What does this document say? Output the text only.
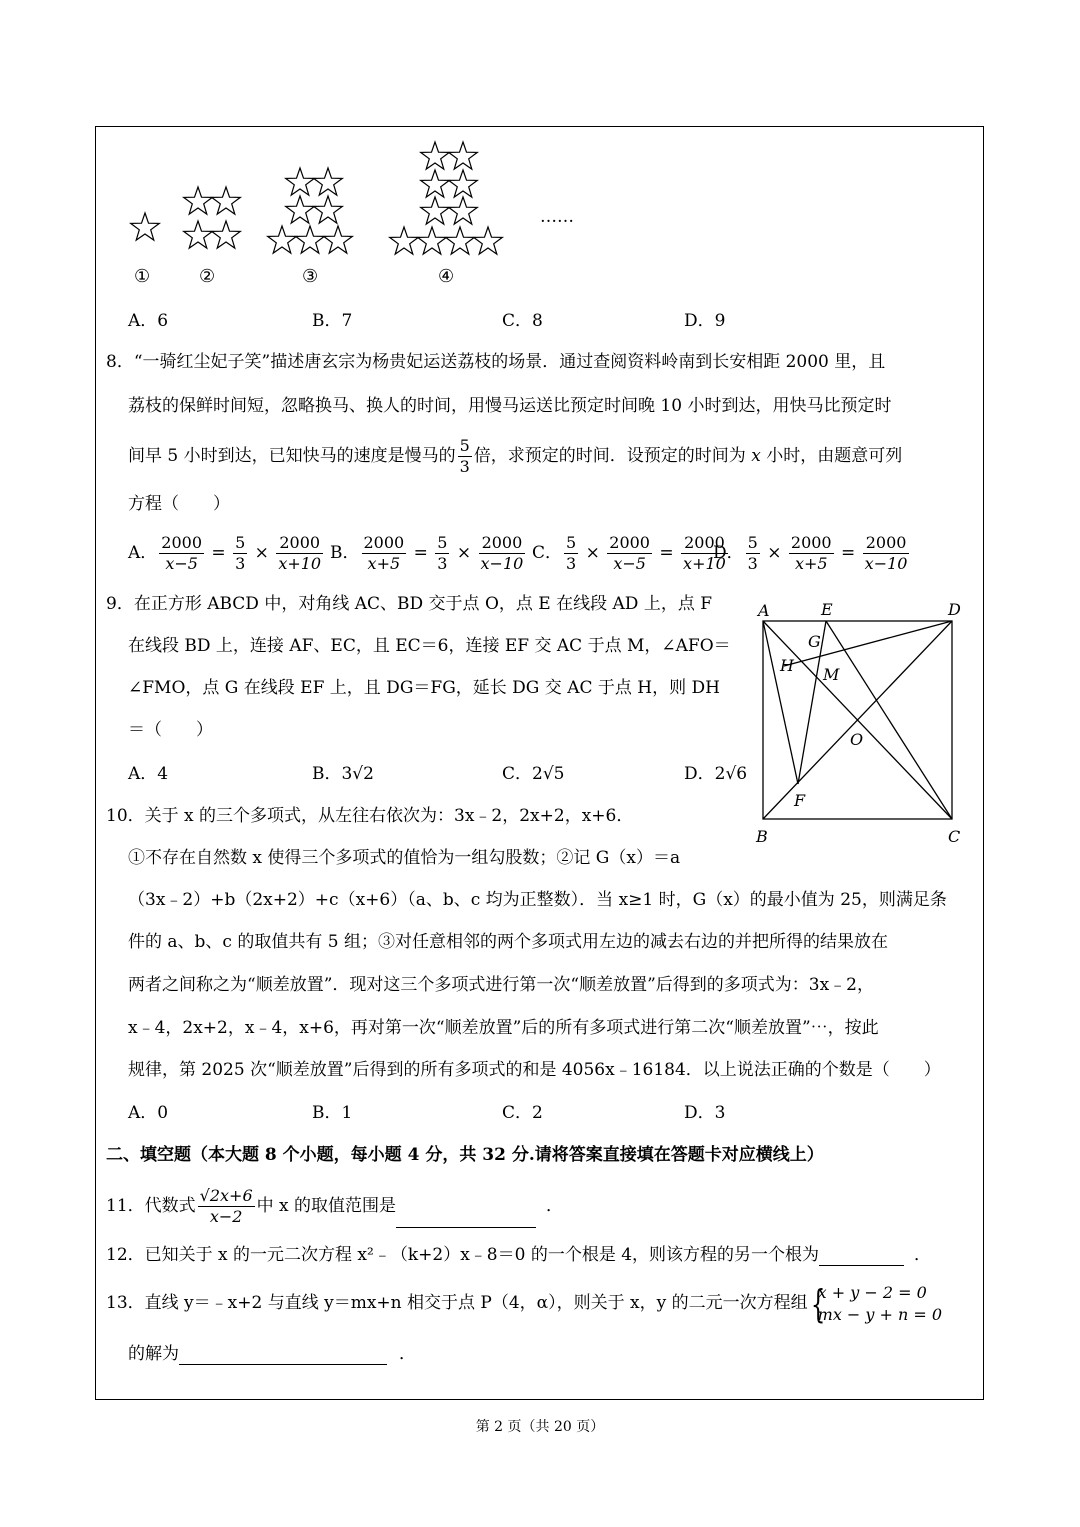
……
①	②	③	④
A．6	B．7	C．8	D．9
8．“一骑红尘妃子笑”描述唐玄宗为杨贵妃运送荔枝的场景．通过查阅资料岭南到长安相距 2000 里，且
荔枝的保鲜时间短，忽略换马、换人的时间，用慢马运送比预定时间晚 10 小时到达，用快马比预定时
间早 5 小时到达，已知快马的速度是慢马的 $\frac{5}{3}$ 倍，求预定的时间．设预定的时间为 x 小时，由题意可列
方程（　　）
A． $\frac{2000}{x-5} = \frac{5}{3} \times \frac{2000}{x+10}$ B． $\frac{2000}{x+5} = \frac{5}{3} \times \frac{2000}{x-10}$ C． $\frac{5}{3} \times \frac{2000}{x-5} = \frac{2000}{x+10}$
D． $\frac{5}{3} \times \frac{2000}{x+5} = \frac{2000}{x-10}$
9．在正方形 ABCD 中，对角线 AC、BD 交于点 O，点 E 在线段 AD 上，点 F
在线段 BD 上，连接 AF、EC，且 EC＝6，连接 EF 交 AC 于点 M，∠AFO＝
∠FMO，点 G 在线段 EF 上，且 DG＝FG，延长 DG 交 AC 于点 H，则 DH
＝（　　）
A．4	B．3√2	C．2√5	D．2√6
A	E	D
G
H M
O
F
B	C
10．关于 x 的三个多项式，从左往右依次为：3x﹣2，2x+2，x+6．
①不存在自然数 x 使得三个多项式的值恰为一组勾股数；②记 G（x）＝a
（3x﹣2）+b（2x+2）+c（x+6）（a、b、c 均为正整数）．当 x≥1 时，G（x）的最小值为 25，则满足条
件的 a、b、c 的取值共有 5 组；③对任意相邻的两个多项式用左边的减去右边的并把所得的结果放在
两者之间称之为“顺差放置”．现对这三个多项式进行第一次“顺差放置”后得到的多项式为：3x﹣2，
x﹣4，2x+2，x﹣4，x+6，再对第一次“顺差放置”后的所有多项式进行第二次“顺差放置”⋯，按此
规律，第 2025 次“顺差放置”后得到的所有多项式的和是 4056x﹣16184．以上说法正确的个数是（　　）
A．0	B．1	C．2	D．3
二、填空题（本大题 8 个小题，每小题 4 分，共 32 分.请将答案直接填在答题卡对应横线上）
11．代数式 $\frac{√2x+6}{x-2}$ 中 x 的取值范围是	．
12．已知关于 x 的一元二次方程 x²﹣（k+2）x﹣8＝0 的一个根是 4，则该方程的另一个根为	．
13．直线 y＝﹣x+2 与直线 y＝mx+n 相交于点 P（4，α），则关于 x，y 的二元一次方程组
{ x + y − 2 = 0
mx − y + n = 0
的解为	．
第 2 页（共 20 页）
